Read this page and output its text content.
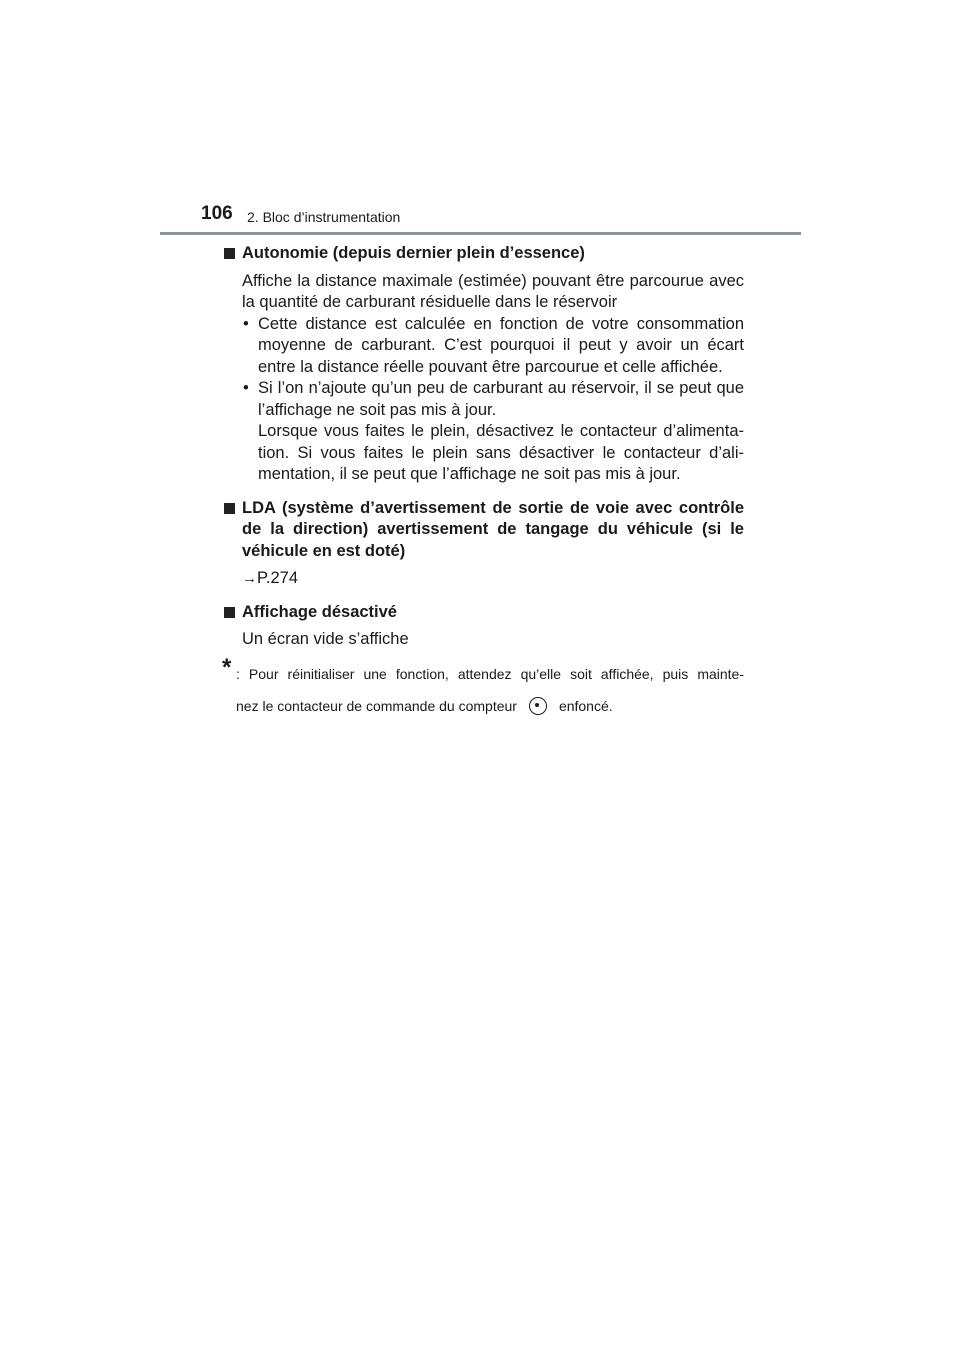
106 2. Bloc d’instrumentation
Autonomie (depuis dernier plein d’essence)
Affiche la distance maximale (estimée) pouvant être parcourue avec la quantité de carburant résiduelle dans le réservoir
• Cette distance est calculée en fonction de votre consommation moyenne de carburant. C’est pourquoi il peut y avoir un écart entre la distance réelle pouvant être parcourue et celle affichée.
• Si l’on n’ajoute qu’un peu de carburant au réservoir, il se peut que l’affichage ne soit pas mis à jour.
Lorsque vous faites le plein, désactivez le contacteur d’alimenta-tion. Si vous faites le plein sans désactiver le contacteur d’ali-mentation, il se peut que l’affichage ne soit pas mis à jour.
LDA (système d’avertissement de sortie de voie avec contrôle de la direction) avertissement de tangage du véhicule (si le véhicule en est doté)
→P.274
Affichage désactivé
Un écran vide s’affiche
* : Pour réinitialiser une fonction, attendez qu’elle soit affichée, puis mainte-
nez le contacteur de commande du compteur	enfoncé.
